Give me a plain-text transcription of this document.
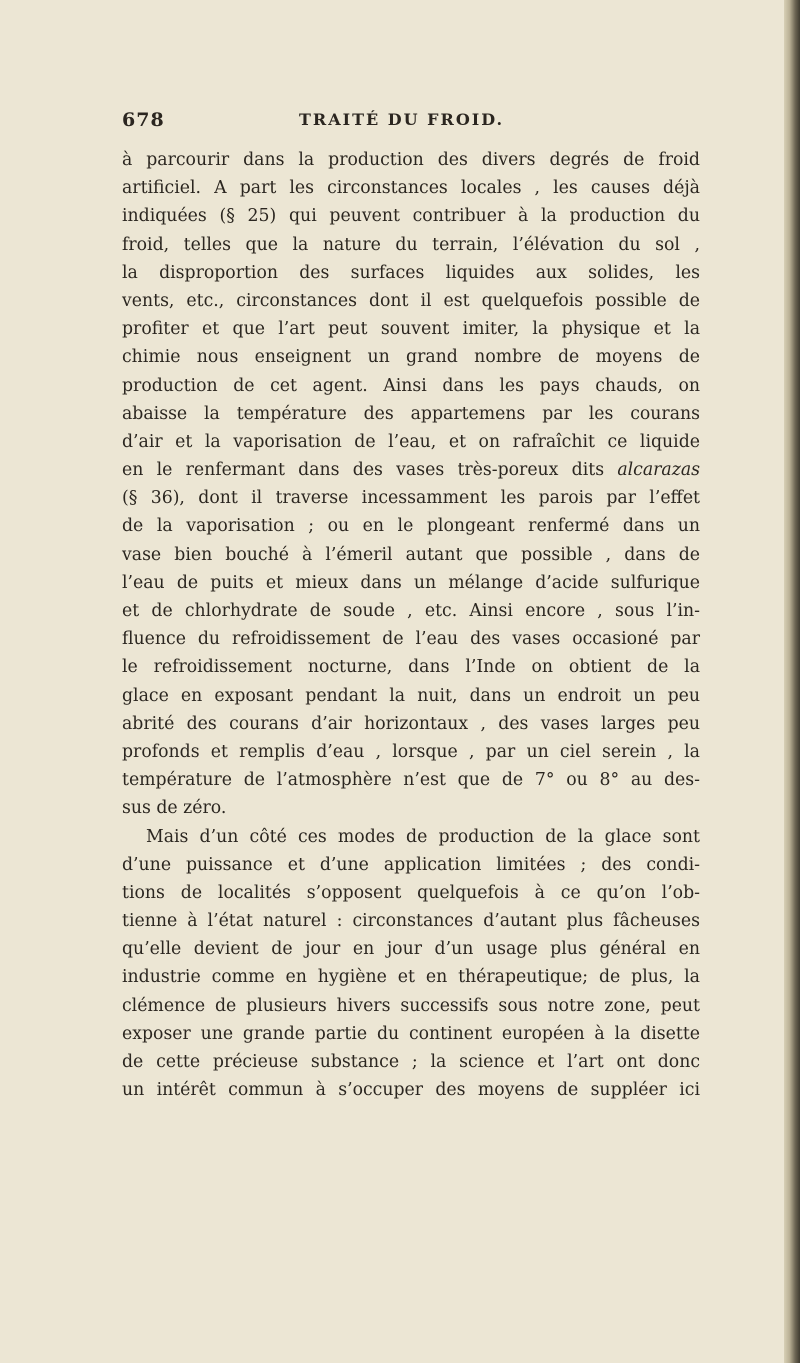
678	TRAITÉ DU FROID.
à parcourir dans la production des divers degrés de froid
artificiel. A part les circonstances locales , les causes déjà
indiquées (§ 25) qui peuvent contribuer à la production du
froid, telles que la nature du terrain, l’élévation du sol ,
la disproportion des surfaces liquides aux solides, les
vents, etc., circonstances dont il est quelquefois possible de
profiter et que l’art peut souvent imiter, la physique et la
chimie nous enseignent un grand nombre de moyens de
production de cet agent. Ainsi dans les pays chauds, on
abaisse la température des appartemens par les courans
d’air et la vaporisation de l’eau, et on rafraîchit ce liquide
en le renfermant dans des vases très-poreux dits alcarazas
(§ 36), dont il traverse incessamment les parois par l’effet
de la vaporisation ; ou en le plongeant renfermé dans un
vase bien bouché à l’émeril autant que possible , dans de
l’eau de puits et mieux dans un mélange d’acide sulfurique
et de chlorhydrate de soude , etc. Ainsi encore , sous l’in-
fluence du refroidissement de l’eau des vases occasioné par
le refroidissement nocturne, dans l’Inde on obtient de la
glace en exposant pendant la nuit, dans un endroit un peu
abrité des courans d’air horizontaux , des vases larges peu
profonds et remplis d’eau , lorsque , par un ciel serein , la
température de l’atmosphère n’est que de 7° ou 8° au des-
sus de zéro.
Mais d’un côté ces modes de production de la glace sont
d’une puissance et d’une application limitées ; des condi-
tions de localités s’opposent quelquefois à ce qu’on l’ob-
tienne à l’état naturel : circonstances d’autant plus fâcheuses
qu’elle devient de jour en jour d’un usage plus général en
industrie comme en hygiène et en thérapeutique; de plus, la
clémence de plusieurs hivers successifs sous notre zone, peut
exposer une grande partie du continent européen à la disette
de cette précieuse substance ; la science et l’art ont donc
un intérêt commun à s’occuper des moyens de suppléer ici
